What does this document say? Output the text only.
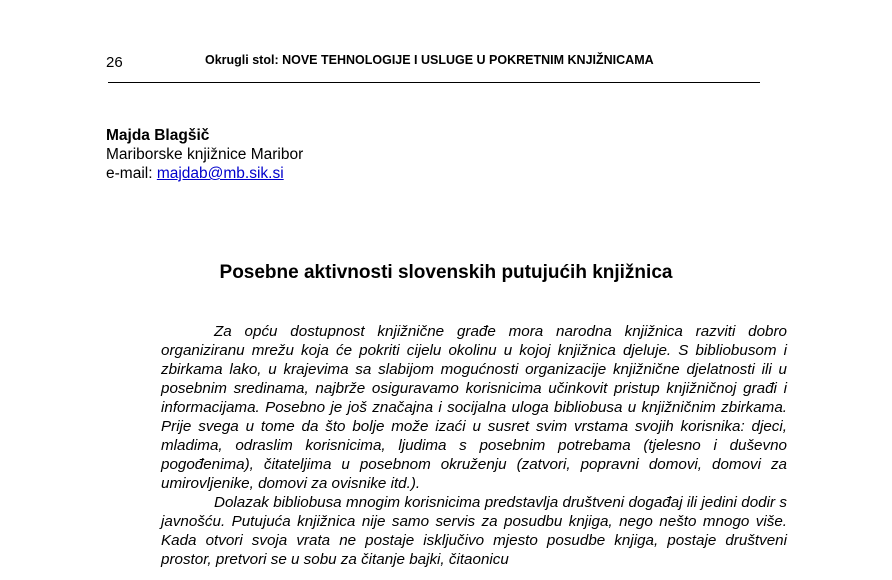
26	Okrugli stol: NOVE TEHNOLOGIJE I USLUGE U POKRETNIM KNJIŽNICAMA
Majda Blagšič
Mariborske knjižnice Maribor
e-mail: majdab@mb.sik.si
Posebne aktivnosti slovenskih putujućih knjižnica

Za opću dostupnost knjižnične građe mora narodna knjižnica razviti dobro organiziranu mrežu koja će pokriti cijelu okolinu u kojoj knjižnica djeluje. S bibliobusom i zbirkama lako, u krajevima sa slabijom mogućnosti organizacije knjižnične djelatnosti ili u posebnim sredinama, najbrže osiguravamo korisnicima učinkovit pristup knjižničnoj građi i informacijama. Posebno je još značajna i socijalna uloga bibliobusa u knjižničnim zbirkama. Prije svega u tome da što bolje može izaći u susret svim vrstama svojih korisnika: djeci, mladima, odraslim korisnicima, ljudima s posebnim potrebama (tjelesno i duševno pogođenima), čitateljima u posebnom okruženju (zatvori, popravni domovi, domovi za umirovljenike, domovi za ovisnike itd.).

Dolazak bibliobusa mnogim korisnicima predstavlja društveni događaj ili jedini dodir s javnošću. Putujuća knjižnica nije samo servis za posudbu knjiga, nego nešto mnogo više. Kada otvori svoja vrata ne postaje isključivo mjesto posudbe knjiga, postaje društveni prostor, pretvori se u sobu za čitanje bajki, čitaonicu
